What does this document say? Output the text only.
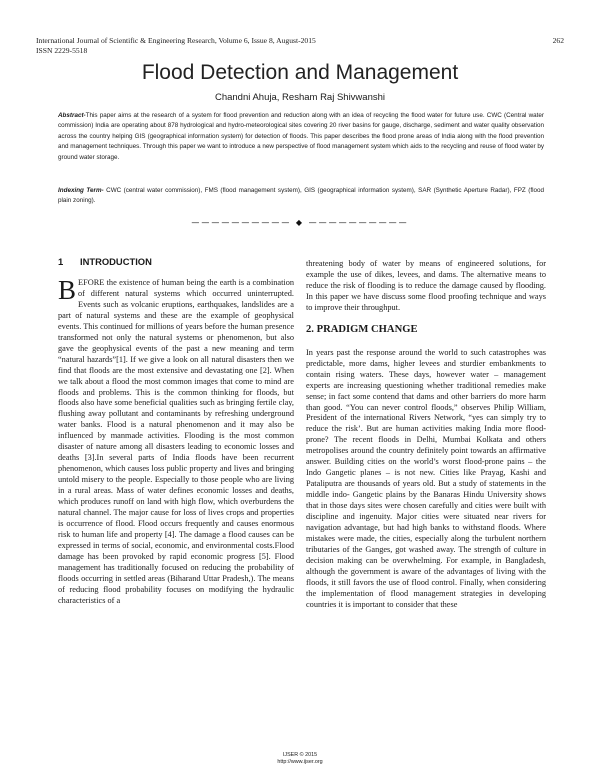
International Journal of Scientific & Engineering Research, Volume 6, Issue 8, August-2015	262
ISSN 2229-5518
Flood Detection and Management
Chandni Ahuja, Resham Raj Shivwanshi
Abstract-This paper aims at the research of a system for flood prevention and reduction along with an idea of recycling the flood water for future use. CWC (Central water commission) India are operating about 878 hydrological and hydro-meteorological sites covering 20 river basins for gauge, discharge, sediment and water quality observation across the country helping GIS (geographical information system) for detection of floods. This paper describes the flood prone areas of India along with the flood prevention and management techniques. Through this paper we want to introduce a new perspective of flood management system which aids to the recycling and reuse of flood water by ground water storage.
Indexing Term- CWC (central water commission), FMS (flood management system), GIS (geographical information system), SAR (Synthetic Aperture Radar), FPZ (flood plain zoning).
—————————— ◆ ——————————
1 INTRODUCTION

BEFORE the existence of human being the earth is a combination of different natural systems which occurred uninterrupted. Events such as volcanic eruptions, earthquakes, landslides are a part of natural systems and these are the example of geophysical events. This continued for millions of years before the human presence transformed not only the natural systems or phenomenon, but also gave the geophysical events of the past a new meaning and term “natural hazards”[1]. If we give a look on all natural disasters then we find that floods are the most extensive and devastating one [2]. When we talk about a flood the most common images that come to mind are floods and problems. This is the common thinking for floods, but floods also have some beneficial qualities such as bringing fertile clay, flushing away pollutant and contaminants by refreshing underground water banks. Flood is a natural phenomenon and it may also be influenced by manmade activities. Flooding is the most common disaster of nature among all disasters leading to economic losses and deaths [3].In several parts of India floods have been recurrent phenomenon, which causes loss public property and lives and bringing untold misery to the people. Especially to those people who are living in a rural areas. Mass of water defines economic losses and deaths, which produces runoff on land with high flow, which overburdens the natural channel. The major cause for loss of lives crops and properties is occurrence of flood. Flood occurs frequently and causes enormous risk to human life and property [4]. The damage a flood causes can be expressed in terms of social, economic, and environmental costs.Flood damage has been provoked by rapid economic progress [5]. Flood management has traditionally focused on reducing the probability of floods occurring in settled areas (Biharand Uttar Pradesh,). The means of reducing flood probability focuses on modifying the hydraulic characteristics of a

threatening body of water by means of engineered solutions, for example the use of dikes, levees, and dams. The alternative means to reduce the risk of flooding is to reduce the damage caused by flooding. In this paper we have discuss some flood proofing technique and ways to improve their throughput.

2. PRADIGM CHANGE

In years past the response around the world to such catastrophes was predictable, more dams, higher levees and sturdier embankments to contain rising waters. These days, however water – management experts are increasing questioning whether traditional remedies make sense; in fact some contend that dams and other barriers do more harm than good. “You can never control floods,” observes Philip William, President of the international Rivers Network, “yes can simply try to reduce the risk’. But are human activities making India more flood-prone? The recent floods in Delhi, Mumbai Kolkata and others metropolises around the country definitely point towards an affirmative answer. Building cities on the world’s worst flood-prone pains – the Indo Gangetic planes – is not new. Cities like Prayag, Kashi and Pataliputra are thousands of years old. But a study of statements in the middle indo- Gangetic plains by the Banaras Hindu University shows that in those days sites were chosen carefully and cities were built with discipline and ingenuity. Major cities were situated near rivers for navigation advantage, but had high banks to withstand floods. Where mistakes were made, the cities, especially along the turbulent northern tributaries of the Ganges, got washed away. The strength of culture in decision making can be overwhelming. For example, in Bangladesh, although the government is aware of the advantages of living with the floods, it still favors the use of flood control. Finally, when considering the implementation of flood management strategies in developing countries it is important to consider that these

IJSER © 2015
http://www.ijser.org
